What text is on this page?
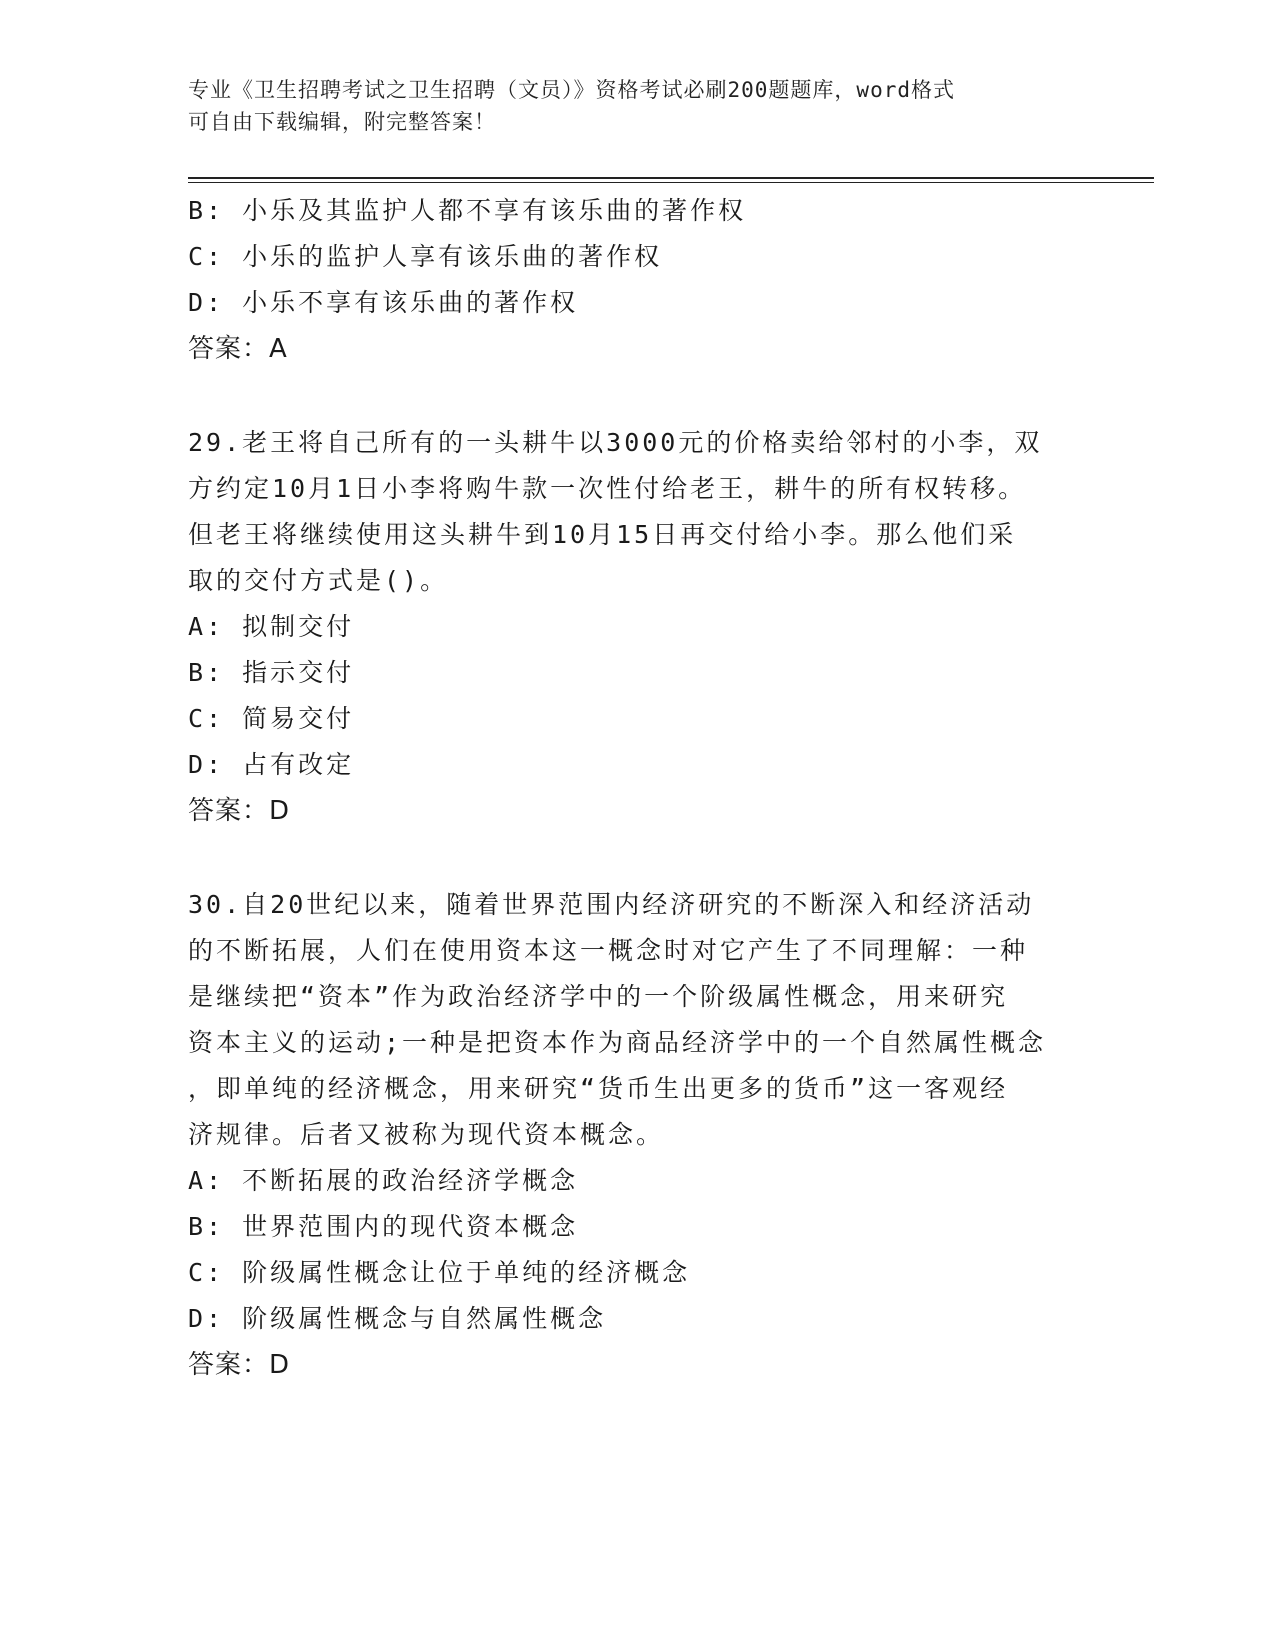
专业《卫生招聘考试之卫生招聘（文员）》资格考试必刷200题题库，word格式
可自由下载编辑，附完整答案！
B: 小乐及其监护人都不享有该乐曲的著作权
C: 小乐的监护人享有该乐曲的著作权
D: 小乐不享有该乐曲的著作权
答案：A
29.老王将自己所有的一头耕牛以3000元的价格卖给邻村的小李，双
方约定10月1日小李将购牛款一次性付给老王，耕牛的所有权转移。
但老王将继续使用这头耕牛到10月15日再交付给小李。那么他们采
取的交付方式是()。
A: 拟制交付
B: 指示交付
C: 简易交付
D: 占有改定
答案：D
30.自20世纪以来，随着世界范围内经济研究的不断深入和经济活动
的不断拓展，人们在使用资本这一概念时对它产生了不同理解：一种
是继续把“资本”作为政治经济学中的一个阶级属性概念，用来研究
资本主义的运动;一种是把资本作为商品经济学中的一个自然属性概念
，即单纯的经济概念，用来研究“货币生出更多的货币”这一客观经
济规律。后者又被称为现代资本概念。
A: 不断拓展的政治经济学概念
B: 世界范围内的现代资本概念
C: 阶级属性概念让位于单纯的经济概念
D: 阶级属性概念与自然属性概念
答案：D
